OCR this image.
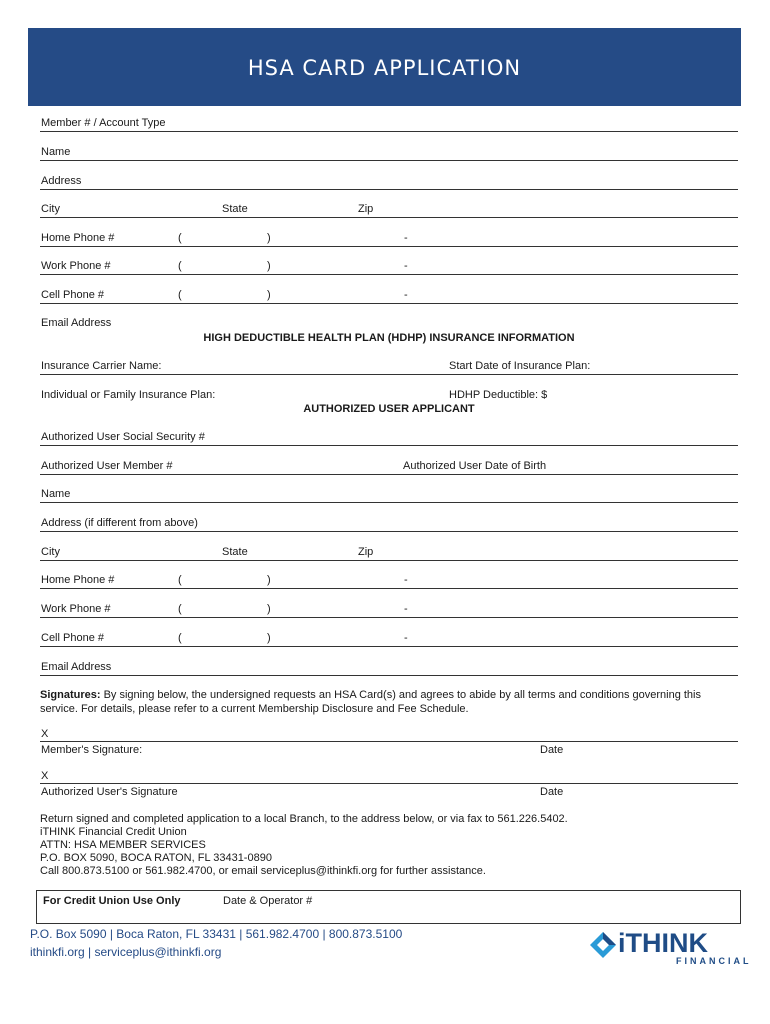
HSA CARD APPLICATION
Member # / Account Type
Name
Address
City	State	Zip
Home Phone #	(	)	-
Work Phone #	(	)	-
Cell Phone #	(	)	-
Email Address
HIGH DEDUCTIBLE HEALTH PLAN (HDHP) INSURANCE INFORMATION
Insurance Carrier Name:	Start Date of Insurance Plan:
Individual or Family Insurance Plan:	HDHP Deductible: $
AUTHORIZED USER APPLICANT
Authorized User Social Security #
Authorized User Member #	Authorized User Date of Birth
Name
Address (if different from above)
City	State	Zip
Home Phone #	(	)	-
Work Phone #	(	)	-
Cell Phone #	(	)	-
Email Address
Signatures: By signing below, the undersigned requests an HSA Card(s) and agrees to abide by all terms and conditions governing this service. For details, please refer to a current Membership Disclosure and Fee Schedule.
X
Member's Signature:	Date
X
Authorized User's Signature	Date
Return signed and completed application to a local Branch, to the address below, or via fax to 561.226.5402.
iTHINK Financial Credit Union
ATTN: HSA MEMBER SERVICES
P.O. BOX 5090, BOCA RATON, FL 33431-0890
Call 800.873.5100 or 561.982.4700, or email serviceplus@ithinkfi.org for further assistance.
For Credit Union Use Only	Date & Operator #
P.O. Box 5090 | Boca Raton, FL 33431 | 561.982.4700 | 800.873.5100
ithinkfi.org | serviceplus@ithinkfi.org	iTHINK
FINANCIAL
